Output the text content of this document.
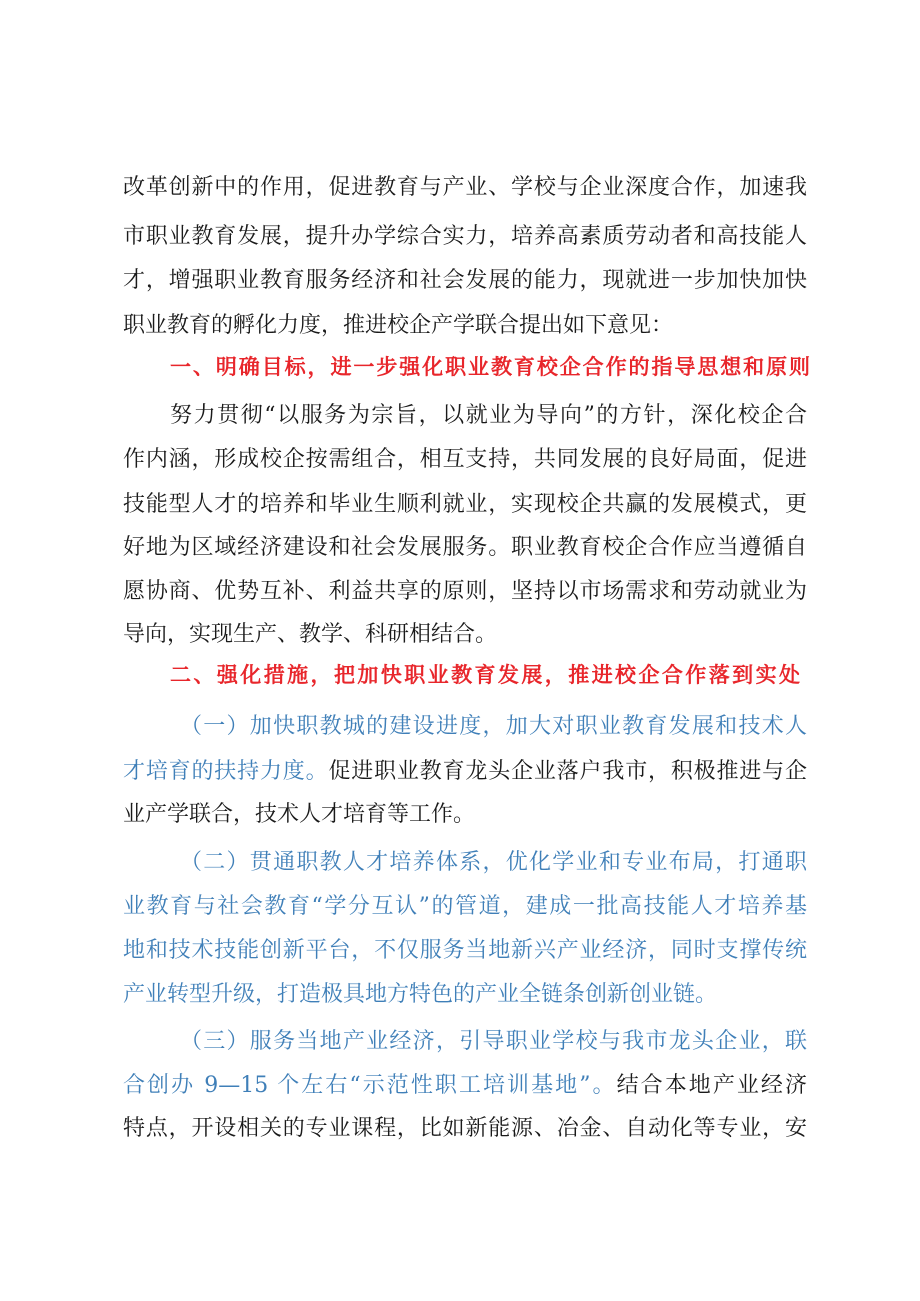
改革创新中的作用，促进教育与产业、学校与企业深度合作，加速我
市职业教育发展，提升办学综合实力，培养高素质劳动者和高技能人
才，增强职业教育服务经济和社会发展的能力，现就进一步加快加快
职业教育的孵化力度，推进校企产学联合提出如下意见：
一、明确目标，进一步强化职业教育校企合作的指导思想和原则
努力贯彻“以服务为宗旨，以就业为导向”的方针，深化校企合
作内涵，形成校企按需组合，相互支持，共同发展的良好局面，促进
技能型人才的培养和毕业生顺利就业，实现校企共赢的发展模式，更
好地为区域经济建设和社会发展服务。职业教育校企合作应当遵循自
愿协商、优势互补、利益共享的原则，坚持以市场需求和劳动就业为
导向，实现生产、教学、科研相结合。
二、强化措施，把加快职业教育发展，推进校企合作落到实处
（一）加快职教城的建设进度，加大对职业教育发展和技术人
才培育的扶持力度。促进职业教育龙头企业落户我市，积极推进与企
业产学联合，技术人才培育等工作。
（二）贯通职教人才培养体系，优化学业和专业布局，打通职
业教育与社会教育“学分互认”的管道，建成一批高技能人才培养基
地和技术技能创新平台，不仅服务当地新兴产业经济，同时支撑传统
产业转型升级，打造极具地方特色的产业全链条创新创业链。
（三）服务当地产业经济，引导职业学校与我市龙头企业，联
合创办 9—15 个左右“示范性职工培训基地”。结合本地产业经济
特点，开设相关的专业课程，比如新能源、冶金、自动化等专业，安
